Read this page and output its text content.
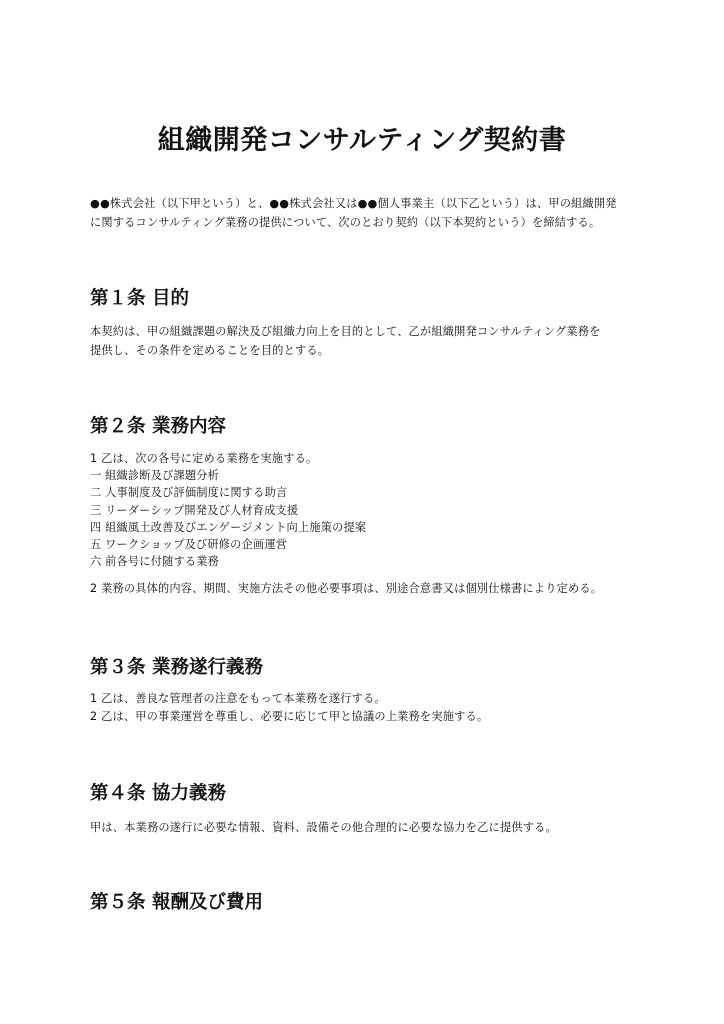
組織開発コンサルティング契約書
●●株式会社（以下甲という）と、●●株式会社又は●●個人事業主（以下乙という）は、甲の組織開発
に関するコンサルティング業務の提供について、次のとおり契約（以下本契約という）を締結する。
第１条 目的
本契約は、甲の組織課題の解決及び組織力向上を目的として、乙が組織開発コンサルティング業務を
提供し、その条件を定めることを目的とする。
第２条 業務内容
1 乙は、次の各号に定める業務を実施する。
一 組織診断及び課題分析
二 人事制度及び評価制度に関する助言
三 リーダーシップ開発及び人材育成支援
四 組織風土改善及びエンゲージメント向上施策の提案
五 ワークショップ及び研修の企画運営
六 前各号に付随する業務
2 業務の具体的内容、期間、実施方法その他必要事項は、別途合意書又は個別仕様書により定める。
第３条 業務遂行義務
1 乙は、善良な管理者の注意をもって本業務を遂行する。
2 乙は、甲の事業運営を尊重し、必要に応じて甲と協議の上業務を実施する。
第４条 協力義務
甲は、本業務の遂行に必要な情報、資料、設備その他合理的に必要な協力を乙に提供する。
第５条 報酬及び費用
